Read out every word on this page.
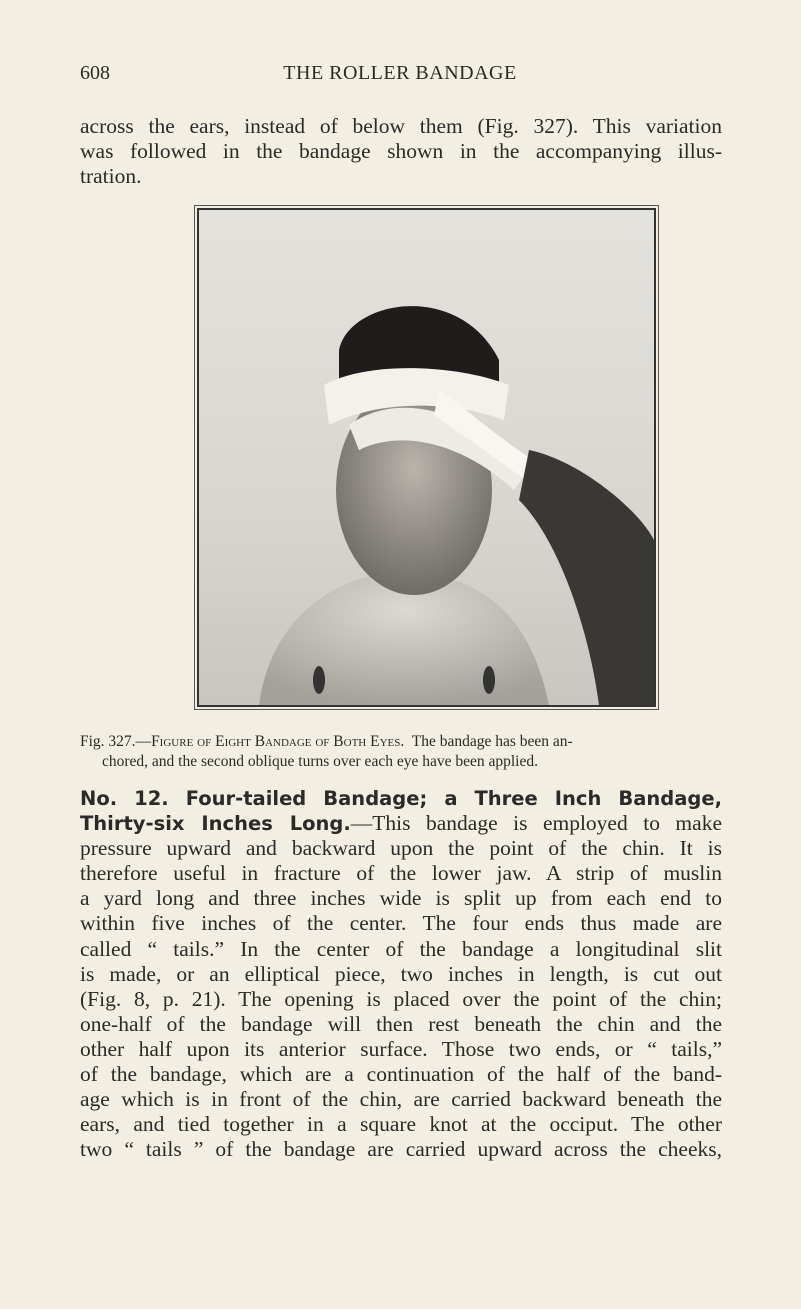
608	THE ROLLER BANDAGE
across the ears, instead of below them (Fig. 327). This variation
was followed in the bandage shown in the accompanying illus-
tration.
Fig. 327.—Figure of Eight Bandage of Both Eyes. The bandage has been an-
chored, and the second oblique turns over each eye have been applied.
No. 12. Four-tailed Bandage; a Three Inch Bandage,
Thirty-six Inches Long.—This bandage is employed to make
pressure upward and backward upon the point of the chin. It is
therefore useful in fracture of the lower jaw. A strip of muslin
a yard long and three inches wide is split up from each end to
within five inches of the center. The four ends thus made are
called “ tails.” In the center of the bandage a longitudinal slit
is made, or an elliptical piece, two inches in length, is cut out
(Fig. 8, p. 21). The opening is placed over the point of the chin;
one-half of the bandage will then rest beneath the chin and the
other half upon its anterior surface. Those two ends, or “ tails,”
of the bandage, which are a continuation of the half of the band-
age which is in front of the chin, are carried backward beneath the
ears, and tied together in a square knot at the occiput. The other
two “ tails ” of the bandage are carried upward across the cheeks,
